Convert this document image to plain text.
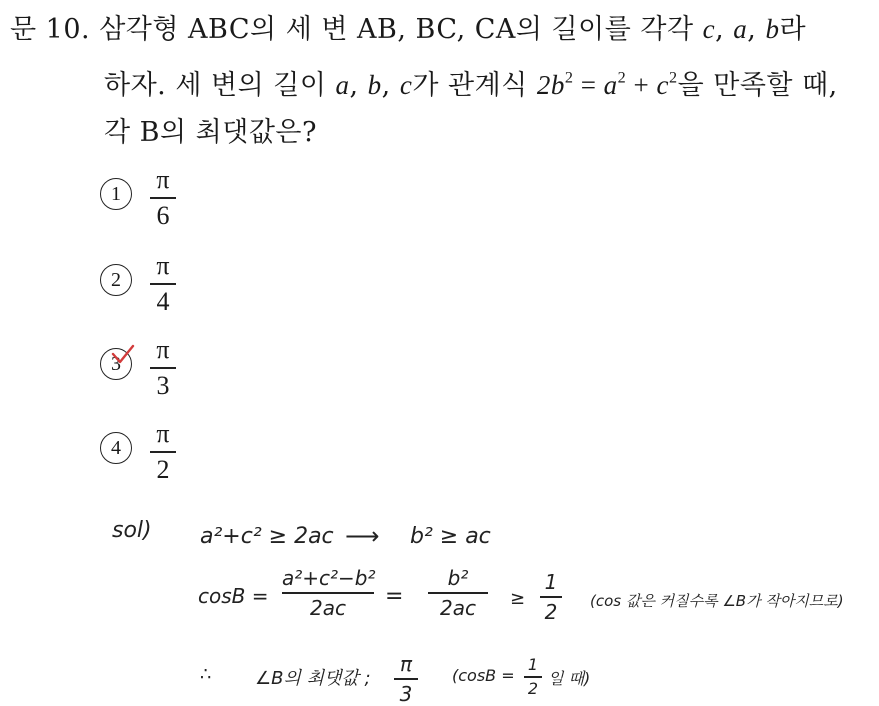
문 10. 삼각형 ABC의 세 변 AB, BC, CA의 길이를 각각 c, a, b라
하자. 세 변의 길이 a, b, c가 관계식 $2b^2 = a^2 + c^2$을 만족할 때,
각 B의 최댓값은?
1	π
6
2	π
4
3	π
3
4	π
2
sol) a²+c² ≥ 2ac ⟶ b² ≥ ac
cosB =
a²+c²−b²
2ac	=
b²
2ac	≥
1
2	(cos 값은 커질수록 ∠B가 작아지므로)
∴ ∠B의 최댓값 ;
π
3
(cosB =
1
2
일 때)
